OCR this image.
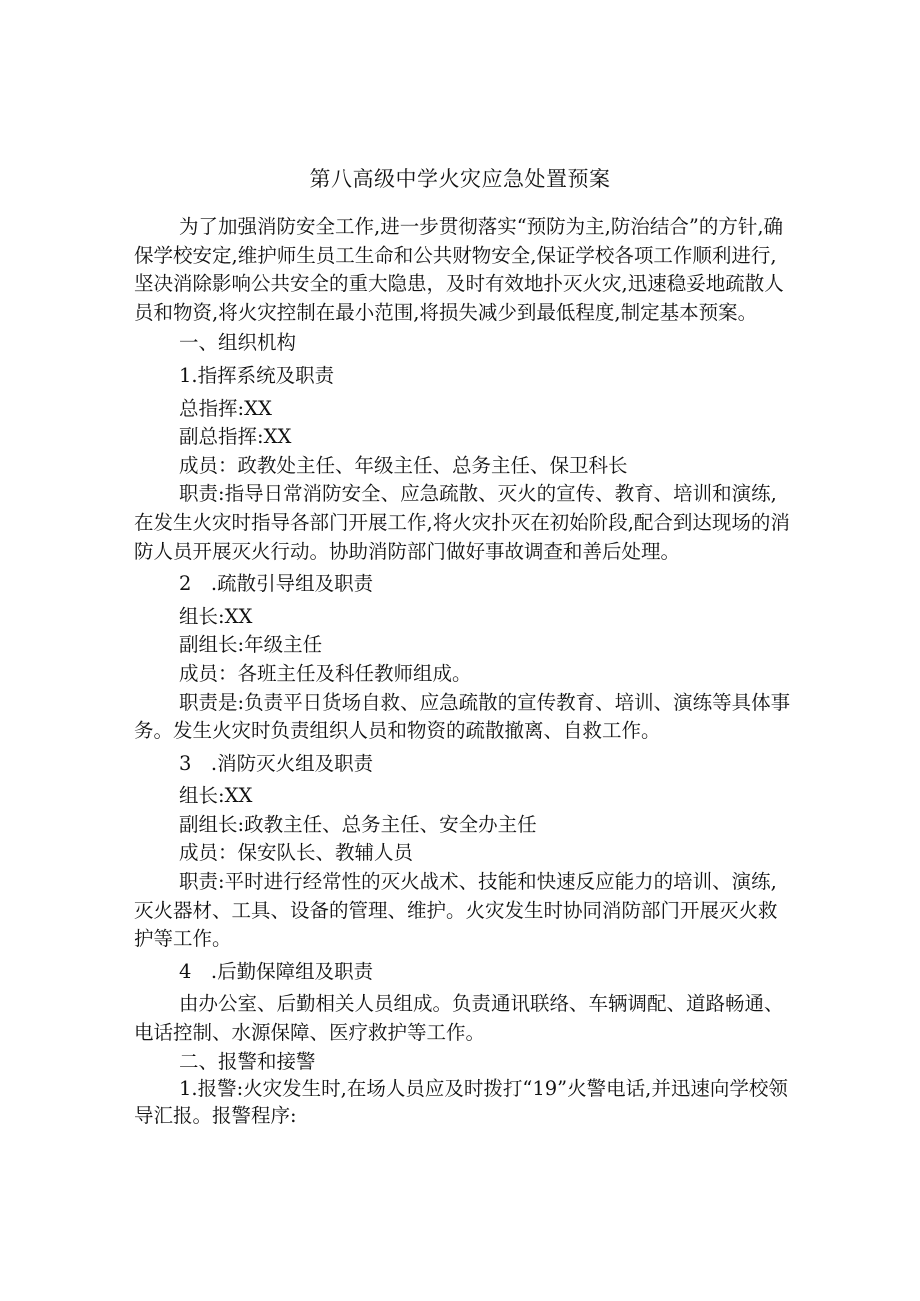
第八高级中学火灾应急处置预案

为了加强消防安全工作,进一步贯彻落实“预防为主,防治结合”的方针,确保学校安定,维护师生员工生命和公共财物安全,保证学校各项工作顺利进行,坚决消除影响公共安全的重大隐患，及时有效地扑灭火灾,迅速稳妥地疏散人员和物资,将火灾控制在最小范围,将损失减少到最低程度,制定基本预案。

一、组织机构

1.指挥系统及职责

总指挥:XX

副总指挥:XX

成员：政教处主任、年级主任、总务主任、保卫科长

职责:指导日常消防安全、应急疏散、灭火的宣传、教育、培训和演练,在发生火灾时指导各部门开展工作,将火灾扑灭在初始阶段,配合到达现场的消防人员开展灭火行动。协助消防部门做好事故调查和善后处理。

2　.疏散引导组及职责

组长:XX

副组长:年级主任

成员：各班主任及科任教师组成。

职责是:负责平日货场自救、应急疏散的宣传教育、培训、演练等具体事务。发生火灾时负责组织人员和物资的疏散撤离、自救工作。

3　.消防灭火组及职责

组长:XX

副组长:政教主任、总务主任、安全办主任

成员：保安队长、教辅人员

职责:平时进行经常性的灭火战术、技能和快速反应能力的培训、演练,灭火器材、工具、设备的管理、维护。火灾发生时协同消防部门开展灭火救护等工作。

4　.后勤保障组及职责

由办公室、后勤相关人员组成。负责通讯联络、车辆调配、道路畅通、电话控制、水源保障、医疗救护等工作。

二、报警和接警

1.报警:火灾发生时,在场人员应及时拨打“19”火警电话,并迅速向学校领导汇报。报警程序:
